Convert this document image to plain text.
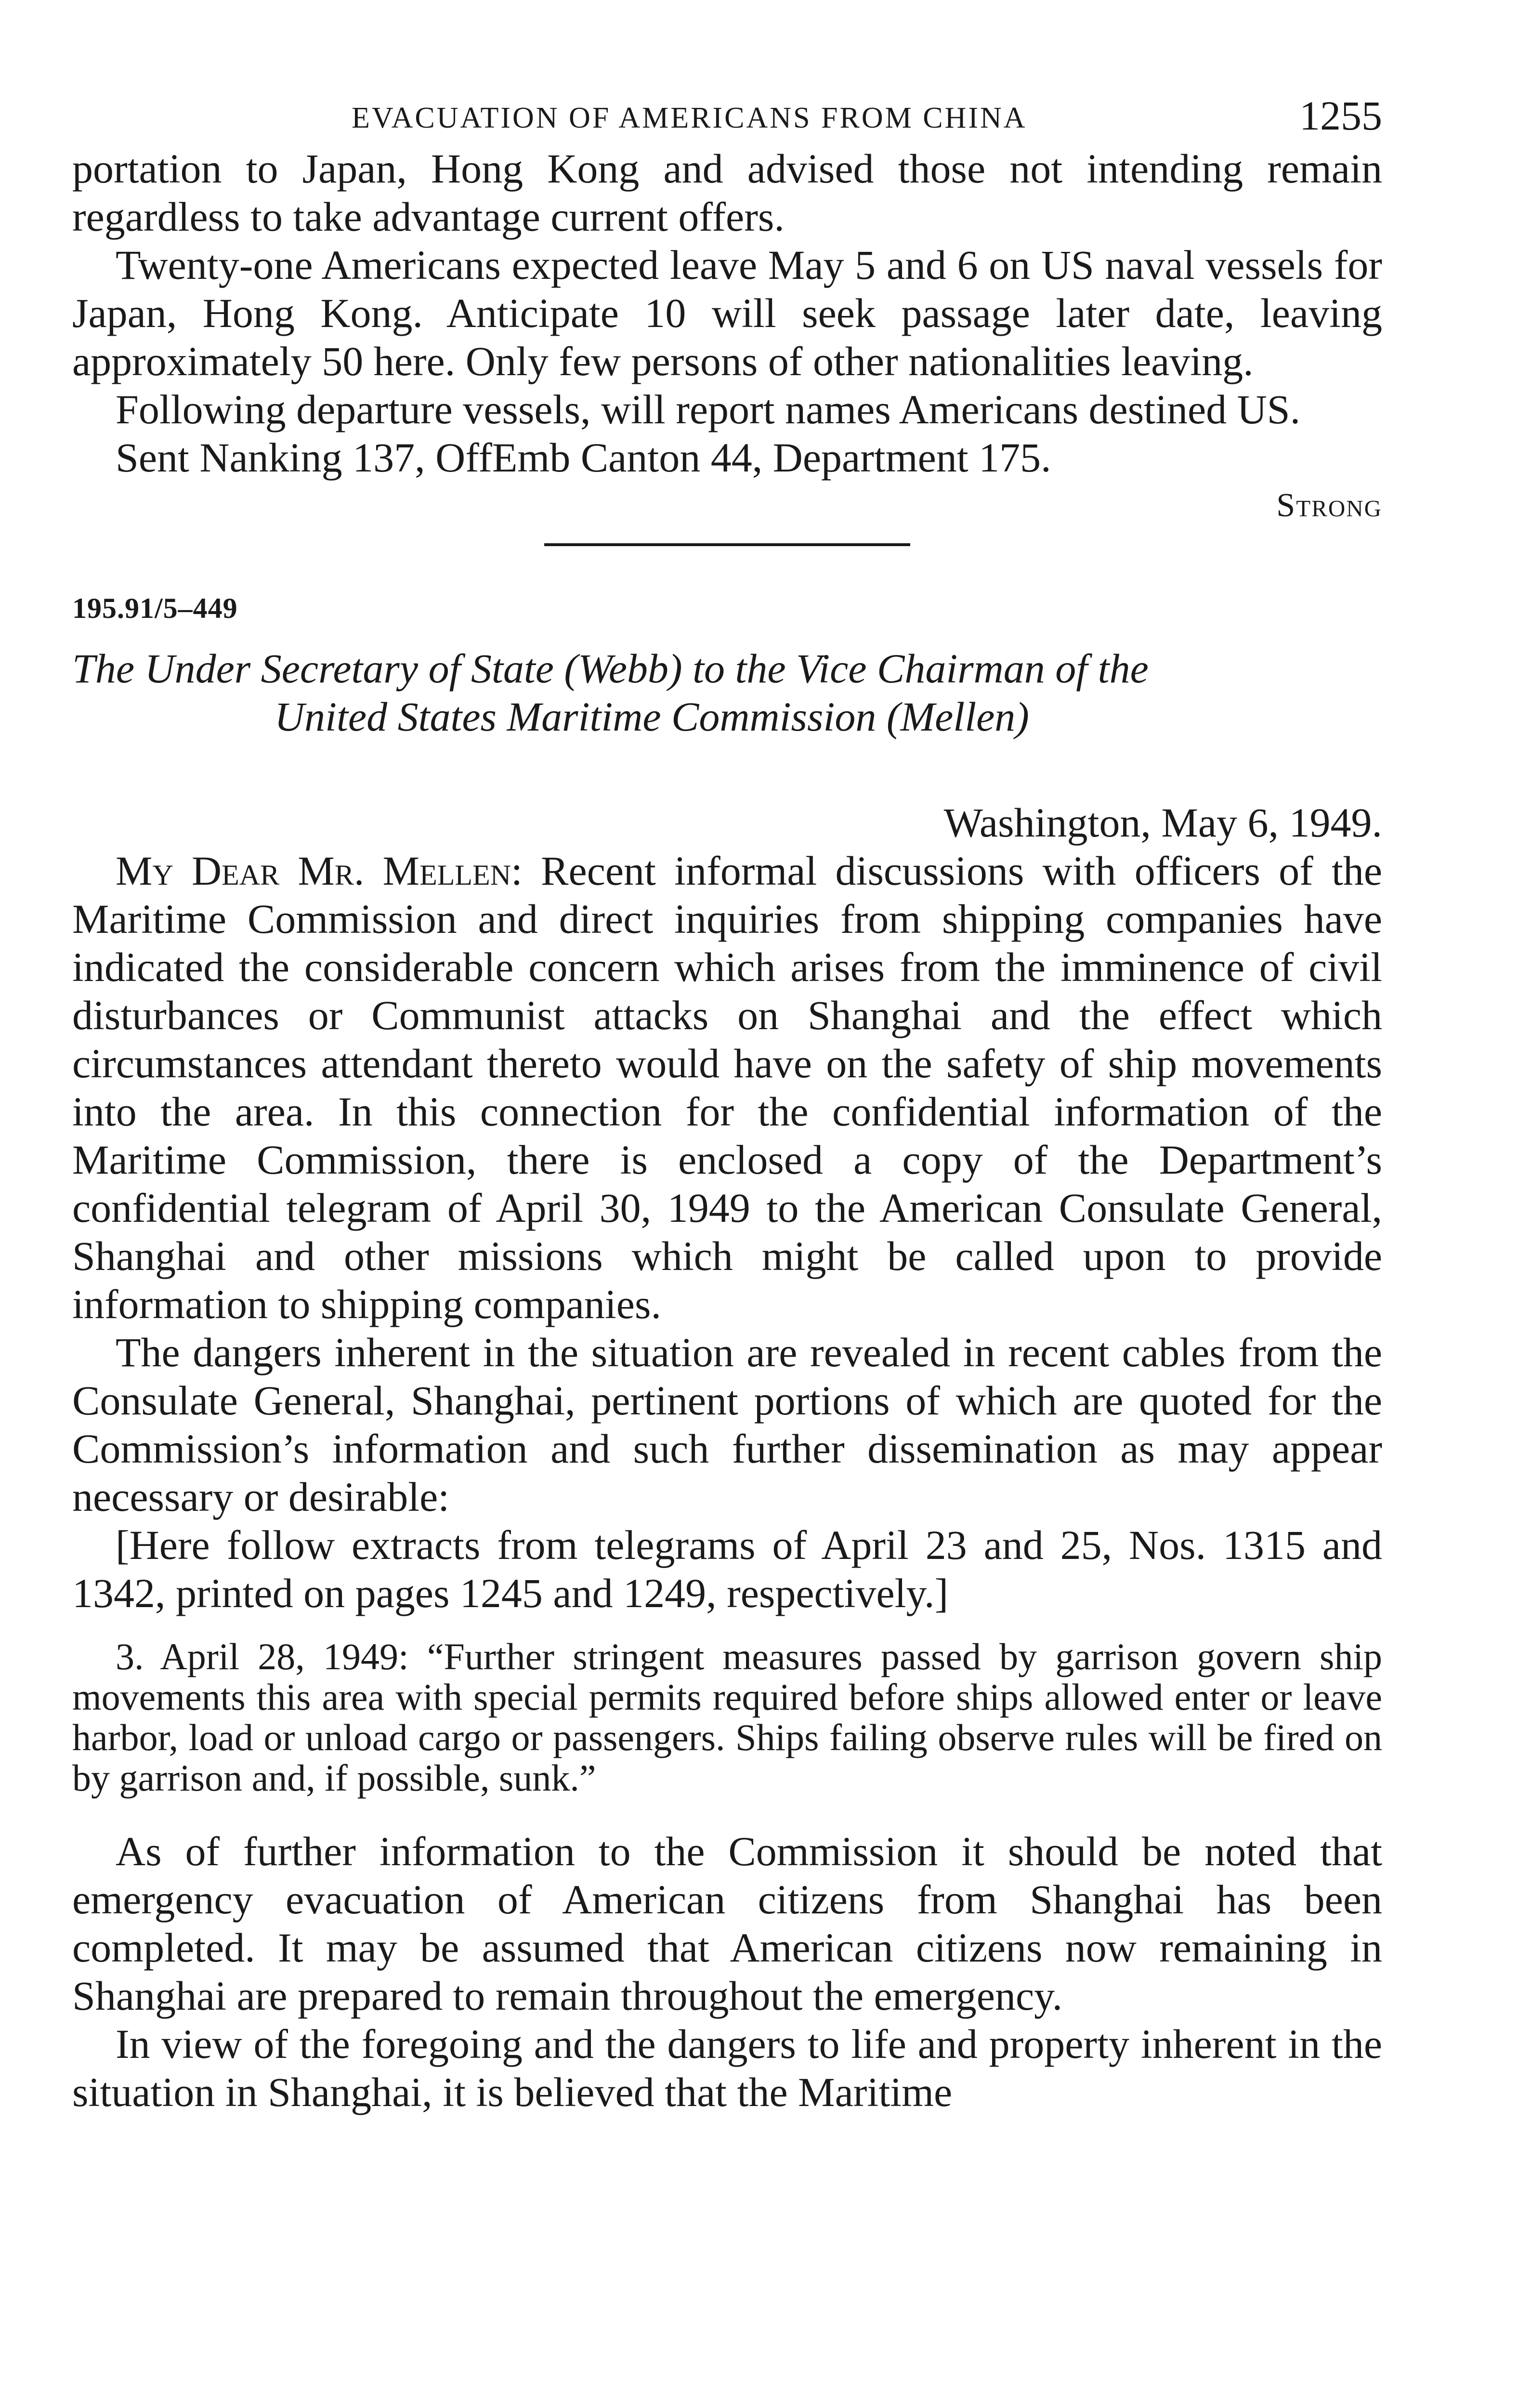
EVACUATION OF AMERICANS FROM CHINA	1255

portation to Japan, Hong Kong and advised those not intending remain regardless to take advantage current offers.

Twenty-one Americans expected leave May 5 and 6 on US naval vessels for Japan, Hong Kong. Anticipate 10 will seek passage later date, leaving approximately 50 here. Only few persons of other nationalities leaving.

Following departure vessels, will report names Americans destined US.

Sent Nanking 137, OffEmb Canton 44, Department 175.

Strong

195.91/5–449
The Under Secretary of State (Webb) to the Vice Chairman of the
United States Maritime Commission (Mellen)

Washington, May 6, 1949.

My Dear Mr. Mellen: Recent informal discussions with officers of the Maritime Commission and direct inquiries from shipping companies have indicated the considerable concern which arises from the imminence of civil disturbances or Communist attacks on Shanghai and the effect which circumstances attendant thereto would have on the safety of ship movements into the area. In this connection for the confidential information of the Maritime Commission, there is enclosed a copy of the Department’s confidential telegram of April 30, 1949 to the American Consulate General, Shanghai and other missions which might be called upon to provide information to shipping companies.

The dangers inherent in the situation are revealed in recent cables from the Consulate General, Shanghai, pertinent portions of which are quoted for the Commission’s information and such further dissemination as may appear necessary or desirable:

[Here follow extracts from telegrams of April 23 and 25, Nos. 1315 and 1342, printed on pages 1245 and 1249, respectively.]

3. April 28, 1949: “Further stringent measures passed by garrison govern ship movements this area with special permits required before ships allowed enter or leave harbor, load or unload cargo or passengers. Ships failing observe rules will be fired on by garrison and, if possible, sunk.”

As of further information to the Commission it should be noted that emergency evacuation of American citizens from Shanghai has been completed. It may be assumed that American citizens now remaining in Shanghai are prepared to remain throughout the emergency.

In view of the foregoing and the dangers to life and property inherent in the situation in Shanghai, it is believed that the Maritime
